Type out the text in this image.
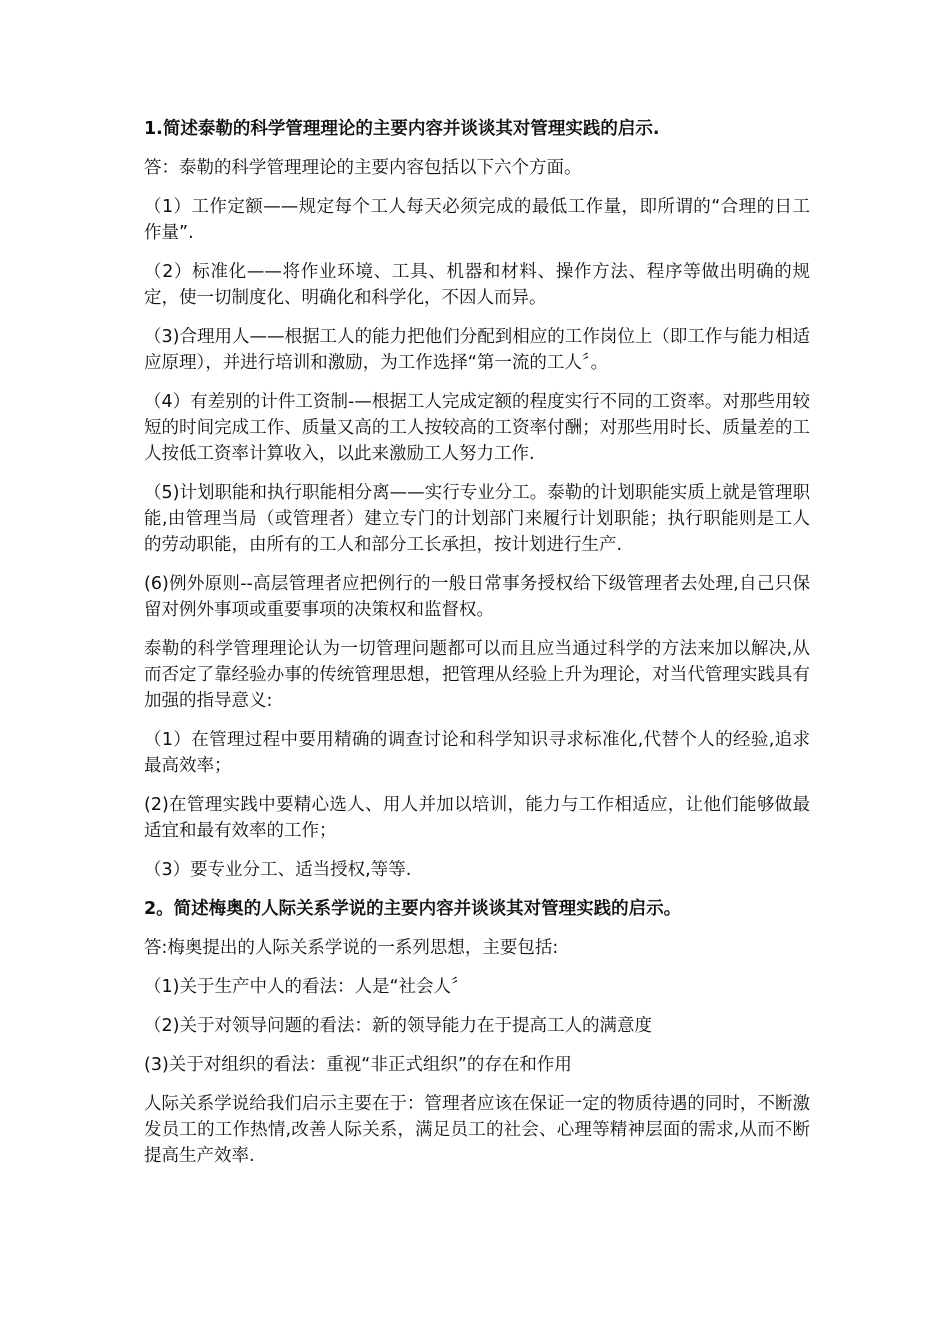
1.简述泰勒的科学管理理论的主要内容并谈谈其对管理实践的启示.
答：泰勒的科学管理理论的主要内容包括以下六个方面。
（1）工作定额——规定每个工人每天必须完成的最低工作量，即所谓的“合理的日工作量”.
（2）标准化——将作业环境、工具、机器和材料、操作方法、程序等做出明确的规定，使一切制度化、明确化和科学化，不因人而异。
（3)合理用人——根据工人的能力把他们分配到相应的工作岗位上（即工作与能力相适应原理），并进行培训和激励，为工作选择“第一流的工人〞。
（4）有差别的计件工资制-—根据工人完成定额的程度实行不同的工资率。对那些用较短的时间完成工作、质量又高的工人按较高的工资率付酬；对那些用时长、质量差的工人按低工资率计算收入，以此来激励工人努力工作.
（5)计划职能和执行职能相分离——实行专业分工。泰勒的计划职能实质上就是管理职能,由管理当局（或管理者）建立专门的计划部门来履行计划职能；执行职能则是工人的劳动职能，由所有的工人和部分工长承担，按计划进行生产.
(6)例外原则--高层管理者应把例行的一般日常事务授权给下级管理者去处理,自己只保留对例外事项或重要事项的决策权和监督权。
泰勒的科学管理理论认为一切管理问题都可以而且应当通过科学的方法来加以解决,从而否定了靠经验办事的传统管理思想，把管理从经验上升为理论，对当代管理实践具有加强的指导意义:
（1）在管理过程中要用精确的调查讨论和科学知识寻求标准化,代替个人的经验,追求最高效率；
(2)在管理实践中要精心选人、用人并加以培训，能力与工作相适应，让他们能够做最适宜和最有效率的工作；
（3）要专业分工、适当授权,等等.
2。简述梅奥的人际关系学说的主要内容并谈谈其对管理实践的启示。
答:梅奥提出的人际关系学说的一系列思想，主要包括:
（1)关于生产中人的看法：人是“社会人〞
（2)关于对领导问题的看法：新的领导能力在于提高工人的满意度
(3)关于对组织的看法：重视“非正式组织”的存在和作用
人际关系学说给我们启示主要在于：管理者应该在保证一定的物质待遇的同时，不断激发员工的工作热情,改善人际关系，满足员工的社会、心理等精神层面的需求,从而不断提高生产效率.
